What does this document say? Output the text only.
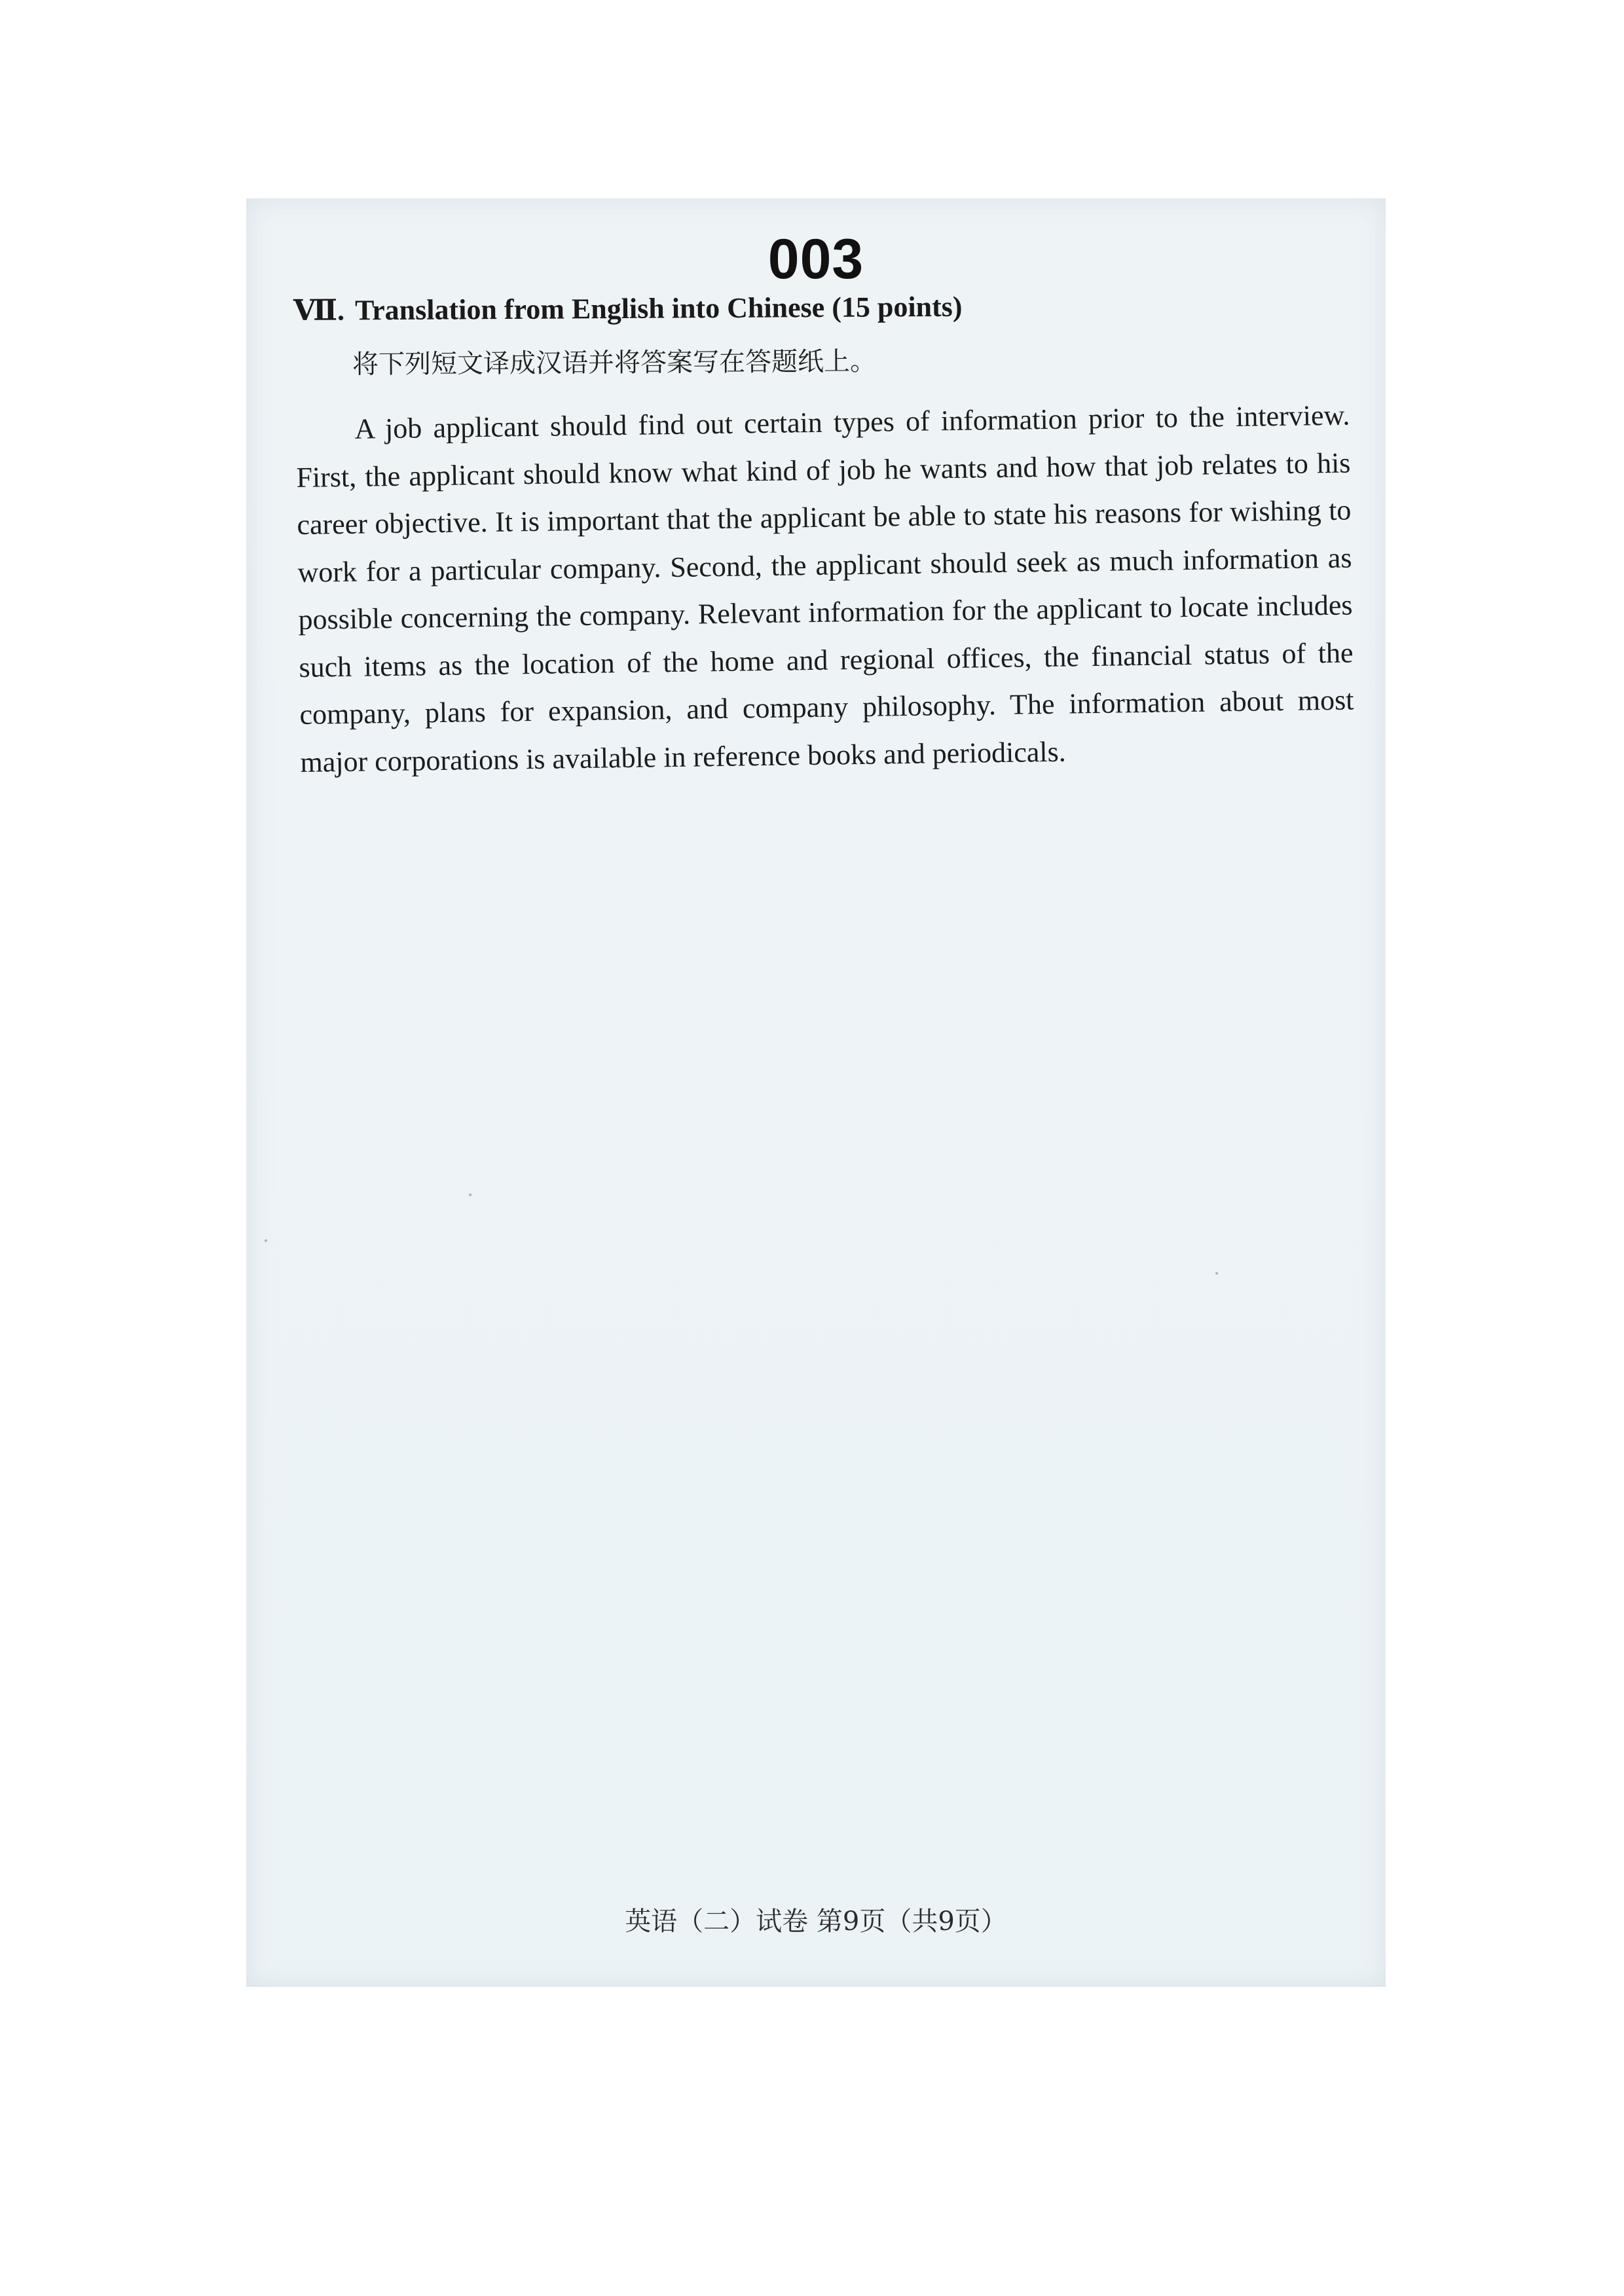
003
Ⅶ. Translation from English into Chinese (15 points)
将下列短文译成汉语并将答案写在答题纸上。

A job applicant should find out certain types of information prior to the interview. First, the applicant should know what kind of job he wants and how that job relates to his career objective. It is important that the applicant be able to state his reasons for wishing to work for a particular company. Second, the applicant should seek as much information as possible concerning the company. Relevant information for the applicant to locate includes such items as the location of the home and regional offices, the financial status of the company, plans for expansion, and company philosophy. The information about most major corporations is available in reference books and periodicals.

英语（二）试卷 第9页（共9页）
